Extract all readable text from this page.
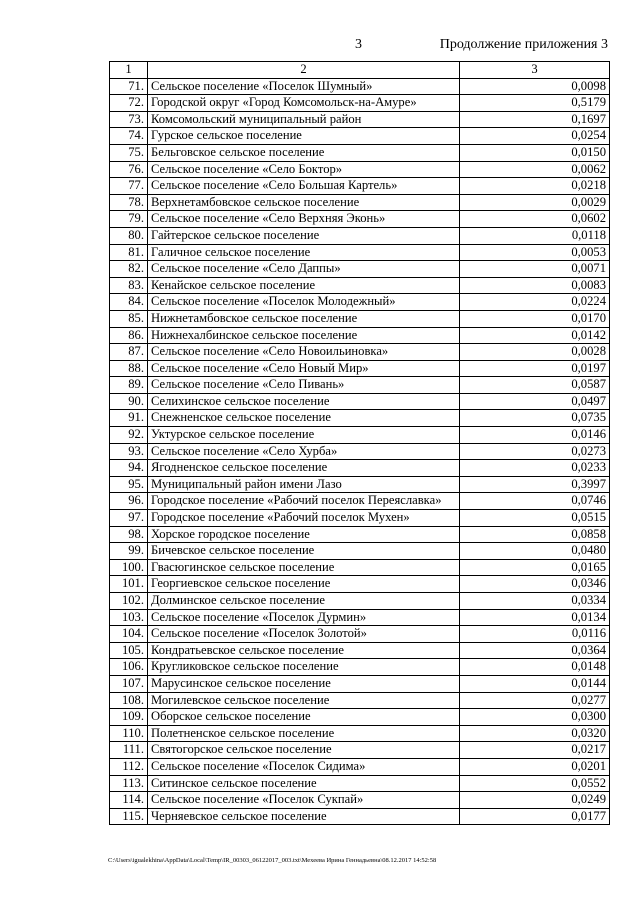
3	Продолжение приложения 3
1	2	3
71.	Сельское поселение «Поселок Шумный»	0,0098
72.	Городской округ «Город Комсомольск-на-Амуре»	0,5179
73.	Комсомольский муниципальный район	0,1697
74.	Гурское сельское поселение	0,0254
75.	Бельговское сельское поселение	0,0150
76.	Сельское поселение «Село Боктор»	0,0062
77.	Сельское поселение «Село Большая Картель»	0,0218
78.	Верхнетамбовское сельское поселение	0,0029
79.	Сельское поселение «Село Верхняя Эконь»	0,0602
80.	Гайтерское сельское поселение	0,0118
81.	Галичное сельское поселение	0,0053
82.	Сельское поселение «Село Даппы»	0,0071
83.	Кенайское сельское поселение	0,0083
84.	Сельское поселение «Поселок Молодежный»	0,0224
85.	Нижнетамбовское сельское поселение	0,0170
86.	Нижнехалбинское сельское поселение	0,0142
87.	Сельское поселение «Село Новоильиновка»	0,0028
88.	Сельское поселение «Село Новый Мир»	0,0197
89.	Сельское поселение «Село Пивань»	0,0587
90.	Селихинское сельское поселение	0,0497
91.	Снежненское сельское поселение	0,0735
92.	Уктурское сельское поселение	0,0146
93.	Сельское поселение «Село Хурба»	0,0273
94.	Ягодненское сельское поселение	0,0233
95.	Муниципальный район имени Лазо	0,3997
96.	Городское поселение «Рабочий поселок Переяславка»	0,0746
97.	Городское поселение «Рабочий поселок Мухен»	0,0515
98.	Хорское городское поселение	0,0858
99.	Бичевское сельское поселение	0,0480
100.	Гвасюгинское сельское поселение	0,0165
101.	Георгиевское сельское поселение	0,0346
102.	Долминское сельское поселение	0,0334
103.	Сельское поселение «Поселок Дурмин»	0,0134
104.	Сельское поселение «Поселок Золотой»	0,0116
105.	Кондратьевское сельское поселение	0,0364
106.	Кругликовское сельское поселение	0,0148
107.	Марусинское сельское поселение	0,0144
108.	Могилевское сельское поселение	0,0277
109.	Оборское сельское поселение	0,0300
110.	Полетненское сельское поселение	0,0320
111.	Святогорское сельское поселение	0,0217
112.	Сельское поселение «Поселок Сидима»	0,0201
113.	Ситинское сельское поселение	0,0552
114.	Сельское поселение «Поселок Сукпай»	0,0249
115.	Черняевское сельское поселение	0,0177
C:\Users\igualekhina\AppData\Local\Temp\IR_00303_06122017_003.txt\Мехеева Ирина Геннадьевна\08.12.2017 14:52:58
